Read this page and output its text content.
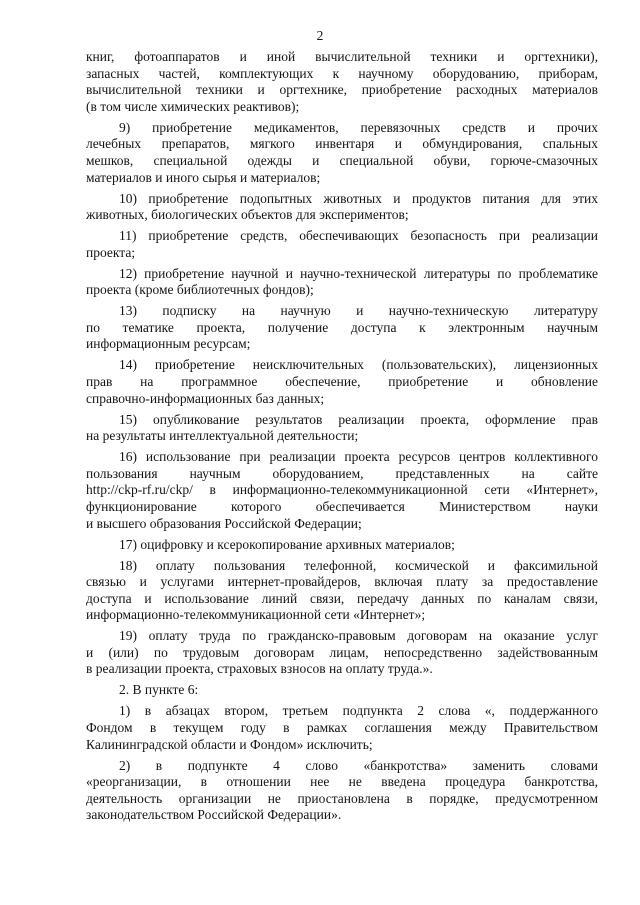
2
книг, фотоаппаратов и иной вычислительной техники и оргтехники),
запасных частей, комплектующих к научному оборудованию, приборам,
вычислительной техники и оргтехнике, приобретение расходных материалов
(в том числе химических реактивов);
9) приобретение медикаментов, перевязочных средств и прочих
лечебных препаратов, мягкого инвентаря и обмундирования, спальных
мешков, специальной одежды и специальной обуви, горюче-смазочных
материалов и иного сырья и материалов;
10) приобретение подопытных животных и продуктов питания для этих
животных, биологических объектов для экспериментов;
11) приобретение средств, обеспечивающих безопасность при реализации
проекта;
12) приобретение научной и научно-технической литературы по проблематике
проекта (кроме библиотечных фондов);
13) подписку на научную и научно-техническую литературу
по тематике проекта, получение доступа к электронным научным
информационным ресурсам;
14) приобретение неисключительных (пользовательских), лицензионных
прав на программное обеспечение, приобретение и обновление
справочно-информационных баз данных;
15) опубликование результатов реализации проекта, оформление прав
на результаты интеллектуальной деятельности;
16) использование при реализации проекта ресурсов центров коллективного
пользования научным оборудованием, представленных на сайте
http://ckp-rf.ru/ckp/ в информационно-телекоммуникационной сети «Интернет»,
функционирование которого обеспечивается Министерством науки
и высшего образования Российской Федерации;
17) оцифровку и ксерокопирование архивных материалов;
18) оплату пользования телефонной, космической и факсимильной
связью и услугами интернет-провайдеров, включая плату за предоставление
доступа и использование линий связи, передачу данных по каналам связи,
информационно-телекоммуникационной сети «Интернет»;
19) оплату труда по гражданско-правовым договорам на оказание услуг
и (или) по трудовым договорам лицам, непосредственно задействованным
в реализации проекта, страховых взносов на оплату труда.».
2. В пункте 6:
1) в абзацах втором, третьем подпункта 2 слова «, поддержанного
Фондом в текущем году в рамках соглашения между Правительством
Калининградской области и Фондом» исключить;
2) в подпункте 4 слово «банкротства» заменить словами
«реорганизации, в отношении нее не введена процедура банкротства,
деятельность организации не приостановлена в порядке, предусмотренном
законодательством Российской Федерации».
